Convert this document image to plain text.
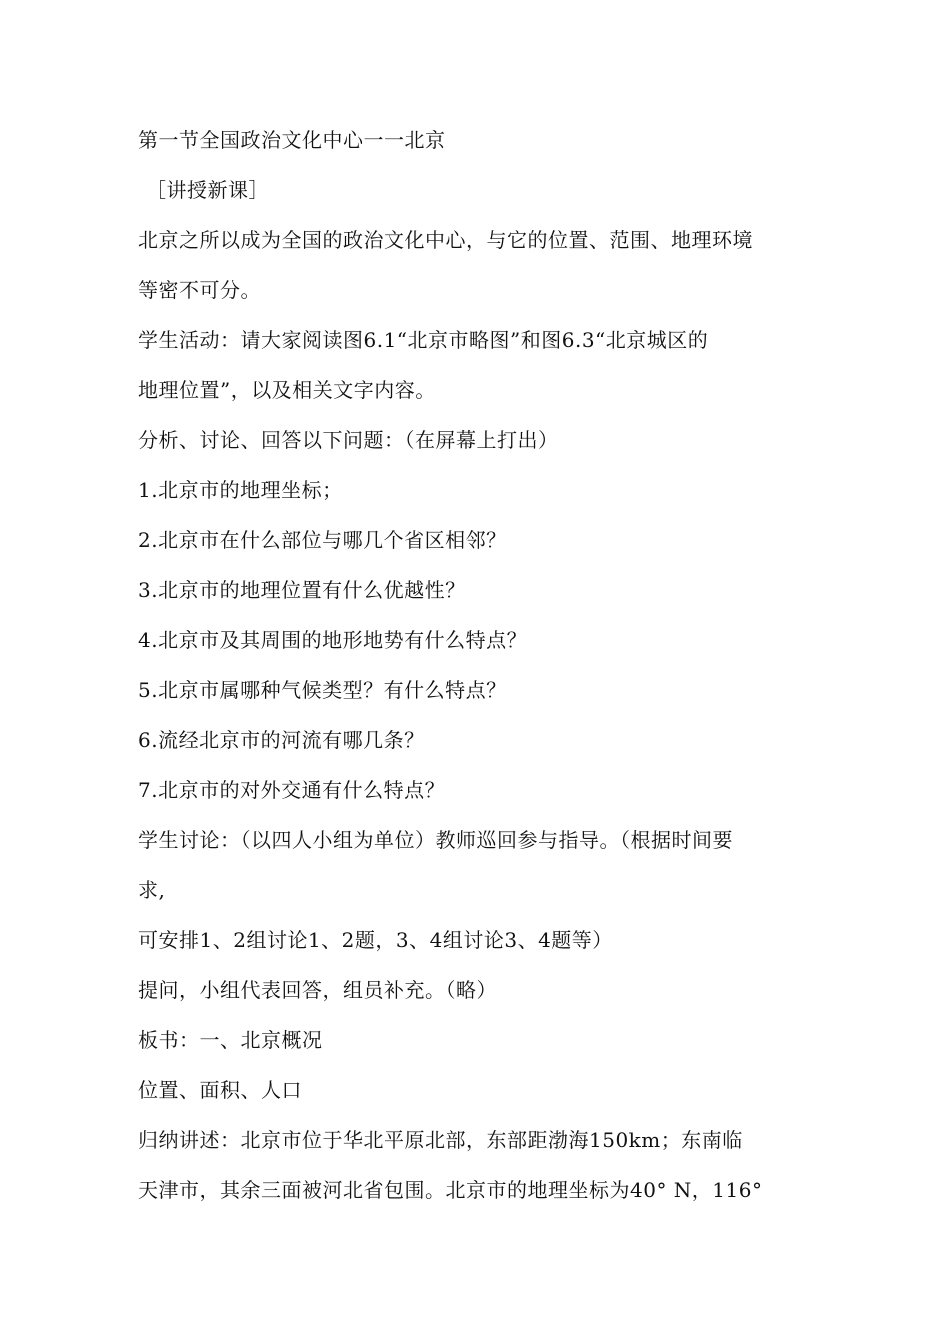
第一节全国政治文化中心一一北京
［讲授新课］
北京之所以成为全国的政治文化中心，与它的位置、范围、地理环境
等密不可分。
学生活动：请大家阅读图6.1“北京市略图”和图6.3“北京城区的
地理位置”，以及相关文字内容。
分析、讨论、回答以下问题：（在屏幕上打出）
1.北京市的地理坐标；
2.北京市在什么部位与哪几个省区相邻？
3.北京市的地理位置有什么优越性？
4.北京市及其周围的地形地势有什么特点？
5.北京市属哪种气候类型？有什么特点？
6.流经北京市的河流有哪几条？
7.北京市的对外交通有什么特点？
学生讨论：（以四人小组为单位）教师巡回参与指导。（根据时间要
求,
可安排1、2组讨论1、2题，3、4组讨论3、4题等）
提问，小组代表回答，组员补充。（略）
板书：一、北京概况
位置、面积、人口
归纳讲述：北京市位于华北平原北部，东部距渤海150km；东南临
天津市，其余三面被河北省包围。北京市的地理坐标为40° N，116°
